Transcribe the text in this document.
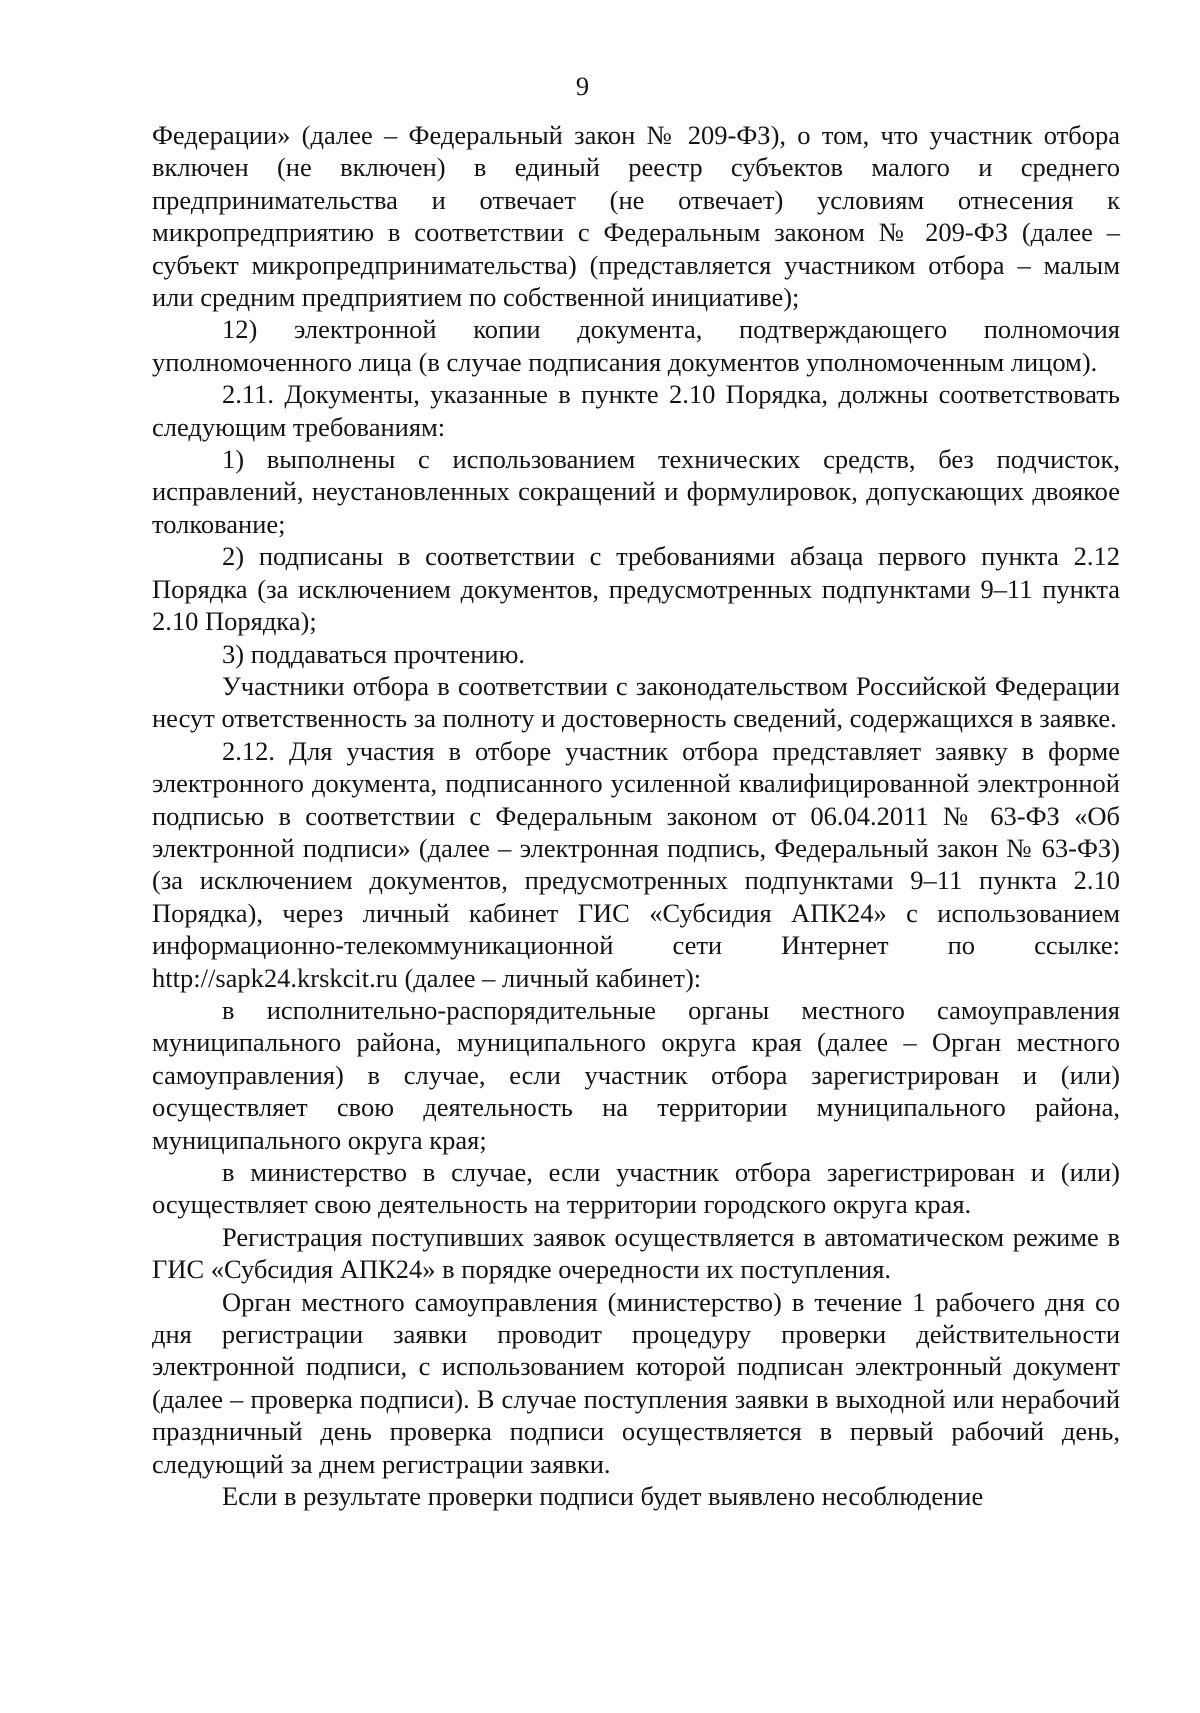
9

Федерации» (далее – Федеральный закон № 209-ФЗ), о том, что участник отбора включен (не включен) в единый реестр субъектов малого и среднего предпринимательства и отвечает (не отвечает) условиям отнесения к микропредприятию в соответствии с Федеральным законом № 209-ФЗ (далее – субъект микропредпринимательства) (представляется участником отбора – малым или средним предприятием по собственной инициативе);

12) электронной копии документа, подтверждающего полномочия уполномоченного лица (в случае подписания документов уполномоченным лицом).

2.11. Документы, указанные в пункте 2.10 Порядка, должны соответствовать следующим требованиям:

1) выполнены с использованием технических средств, без подчисток, исправлений, неустановленных сокращений и формулировок, допускающих двоякое толкование;

2) подписаны в соответствии с требованиями абзаца первого пункта 2.12 Порядка (за исключением документов, предусмотренных подпунктами 9–11 пункта 2.10 Порядка);

3) поддаваться прочтению.

Участники отбора в соответствии с законодательством Российской Федерации несут ответственность за полноту и достоверность сведений, содержащихся в заявке.

2.12. Для участия в отборе участник отбора представляет заявку в форме электронного документа, подписанного усиленной квалифицированной электронной подписью в соответствии с Федеральным законом от 06.04.2011 № 63-ФЗ «Об электронной подписи» (далее – электронная подпись, Федеральный закон № 63-ФЗ) (за исключением документов, предусмотренных подпунктами 9–11 пункта 2.10 Порядка), через личный кабинет ГИС «Субсидия АПК24» с использованием информационно-телекоммуникационной сети Интернет по ссылке: http://sapk24.krskcit.ru (далее – личный кабинет):

в исполнительно-распорядительные органы местного самоуправления муниципального района, муниципального округа края (далее – Орган местного самоуправления) в случае, если участник отбора зарегистрирован и (или) осуществляет свою деятельность на территории муниципального района, муниципального округа края;

в министерство в случае, если участник отбора зарегистрирован и (или) осуществляет свою деятельность на территории городского округа края.

Регистрация поступивших заявок осуществляется в автоматическом режиме в ГИС «Субсидия АПК24» в порядке очередности их поступления.

Орган местного самоуправления (министерство) в течение 1 рабочего дня со дня регистрации заявки проводит процедуру проверки действительности электронной подписи, с использованием которой подписан электронный документ (далее – проверка подписи). В случае поступления заявки в выходной или нерабочий праздничный день проверка подписи осуществляется в первый рабочий день, следующий за днем регистрации заявки.

Если в результате проверки подписи будет выявлено несоблюдение
